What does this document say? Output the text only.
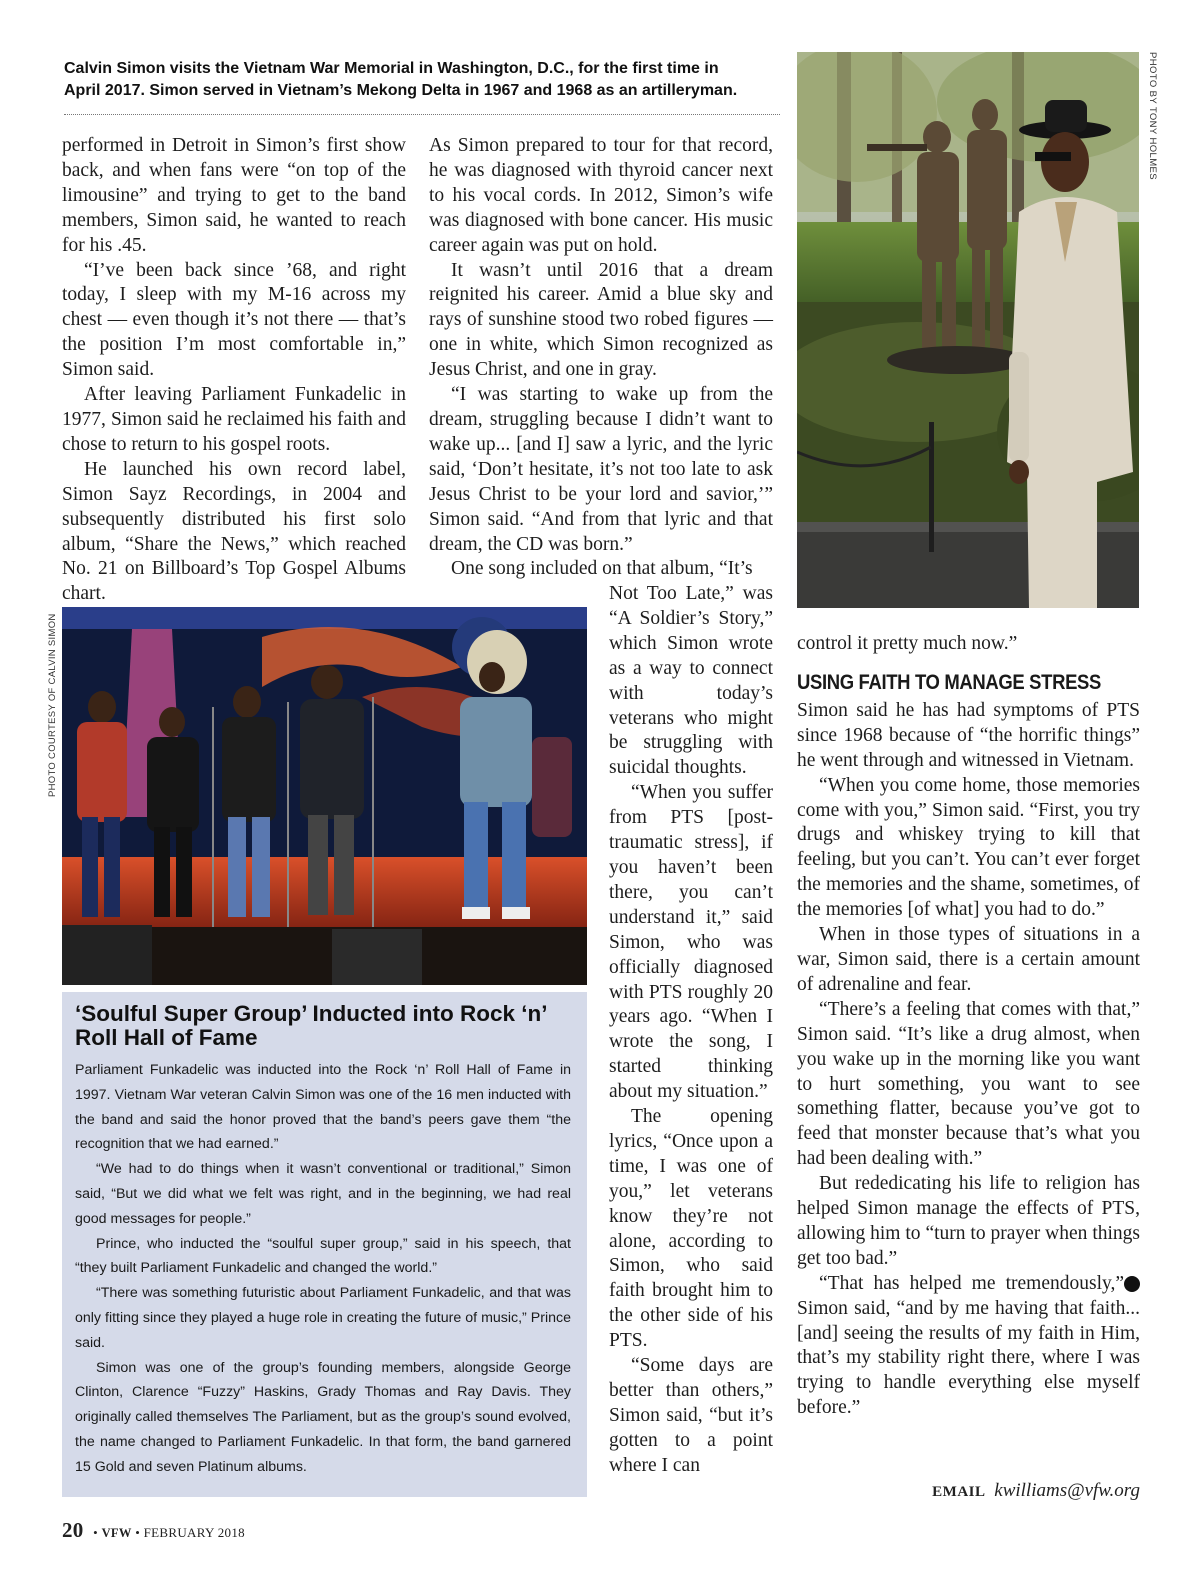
Calvin Simon visits the Vietnam War Memorial in Washington, D.C., for the first time in
April 2017. Simon served in Vietnam’s Mekong Delta in 1967 and 1968 as an artilleryman.	PHOTO BY TONY HOLMES

performed in Detroit in Simon’s first show back, and when fans were “on top of the limousine” and trying to get to the band members, Simon said, he wanted to reach for his .45.

“I’ve been back since ’68, and right today, I sleep with my M-16 across my chest — even though it’s not there — that’s the position I’m most comfortable in,” Simon said.

After leaving Parliament Funkadelic in 1977, Simon said he reclaimed his faith and chose to return to his gospel roots.

He launched his own record label, Simon Sayz Recordings, in 2004 and subsequently distributed his first solo album, “Share the News,” which reached No. 21 on Billboard’s Top Gospel Albums chart.

As Simon prepared to tour for that record, he was diagnosed with thyroid cancer next to his vocal cords. In 2012, Simon’s wife was diagnosed with bone cancer. His music career again was put on hold.

It wasn’t until 2016 that a dream reignited his career. Amid a blue sky and rays of sunshine stood two robed figures — one in white, which Simon recognized as Jesus Christ, and one in gray.

“I was starting to wake up from the dream, struggling because I didn’t want to wake up... [and I] saw a lyric, and the lyric said, ‘Don’t hesitate, it’s not too late to ask Jesus Christ to be your lord and savior,’” Simon said. “And from that lyric and that dream, the CD was born.”

One song included on that album, “It’s

Not Too Late,” was “A Soldier’s Story,” which Simon wrote as a way to connect with today’s veterans who might be struggling with suicidal thoughts.

“When you suffer from PTS [post-traumatic stress], if you haven’t been there, you can’t understand it,” said Simon, who was officially diagnosed with PTS roughly 20 years ago. “When I wrote the song, I started thinking about my situation.”

The opening lyrics, “Once upon a time, I was one of you,” let veterans know they’re not alone, according to Simon, who said faith brought him to the other side of his PTS.

“Some days are better than others,” Simon said, “but it’s gotten to a point where I can

PHOTO COURTESY OF CALVIN SIMON
‘Soulful Super Group’ Inducted into Rock ‘n’ Roll Hall of Fame

Parliament Funkadelic was inducted into the Rock ‘n’ Roll Hall of Fame in 1997. Vietnam War veteran Calvin Simon was one of the 16 men inducted with the band and said the honor proved that the band’s peers gave them “the recognition that we had earned.”

“We had to do things when it wasn’t conventional or traditional,” Simon said, “But we did what we felt was right, and in the beginning, we had real good messages for people.”

Prince, who inducted the “soulful super group,” said in his speech, that “they built Parliament Funkadelic and changed the world.”

“There was something futuristic about Parliament Funkadelic, and that was only fitting since they played a huge role in creating the future of music,” Prince said.

Simon was one of the group’s founding members, alongside George Clinton, Clarence “Fuzzy” Haskins, Grady Thomas and Ray Davis. They originally called themselves The Parliament, but as the group’s sound evolved, the name changed to Parliament Funkadelic. In that form, the band garnered 15 Gold and seven Platinum albums.

control it pretty much now.”

USING FAITH TO MANAGE STRESS

Simon said he has had symptoms of PTS since 1968 because of “the horrific things” he went through and witnessed in Vietnam.

“When you come home, those memories come with you,” Simon said. “First, you try drugs and whiskey trying to kill that feeling, but you can’t. You can’t ever forget the memories and the shame, sometimes, of the memories [of what] you had to do.”

When in those types of situations in a war, Simon said, there is a certain amount of adrenaline and fear.

“There’s a feeling that comes with that,” Simon said. “It’s like a drug almost, when you wake up in the morning like you want to hurt something, you want to see something flatter, because you’ve got to feed that monster because that’s what you had been dealing with.”

But rededicating his life to religion has helped Simon manage the effects of PTS, allowing him to “turn to prayer when things get too bad.”

✪
“That has helped me tremendously,” Simon said, “and by me having that faith... [and] seeing the results of my faith in Him, that’s my stability right there, where I was trying to handle everything else myself before.”

EMAIL kwilliams@vfw.org
20 • VFW • FEBRUARY 2018
